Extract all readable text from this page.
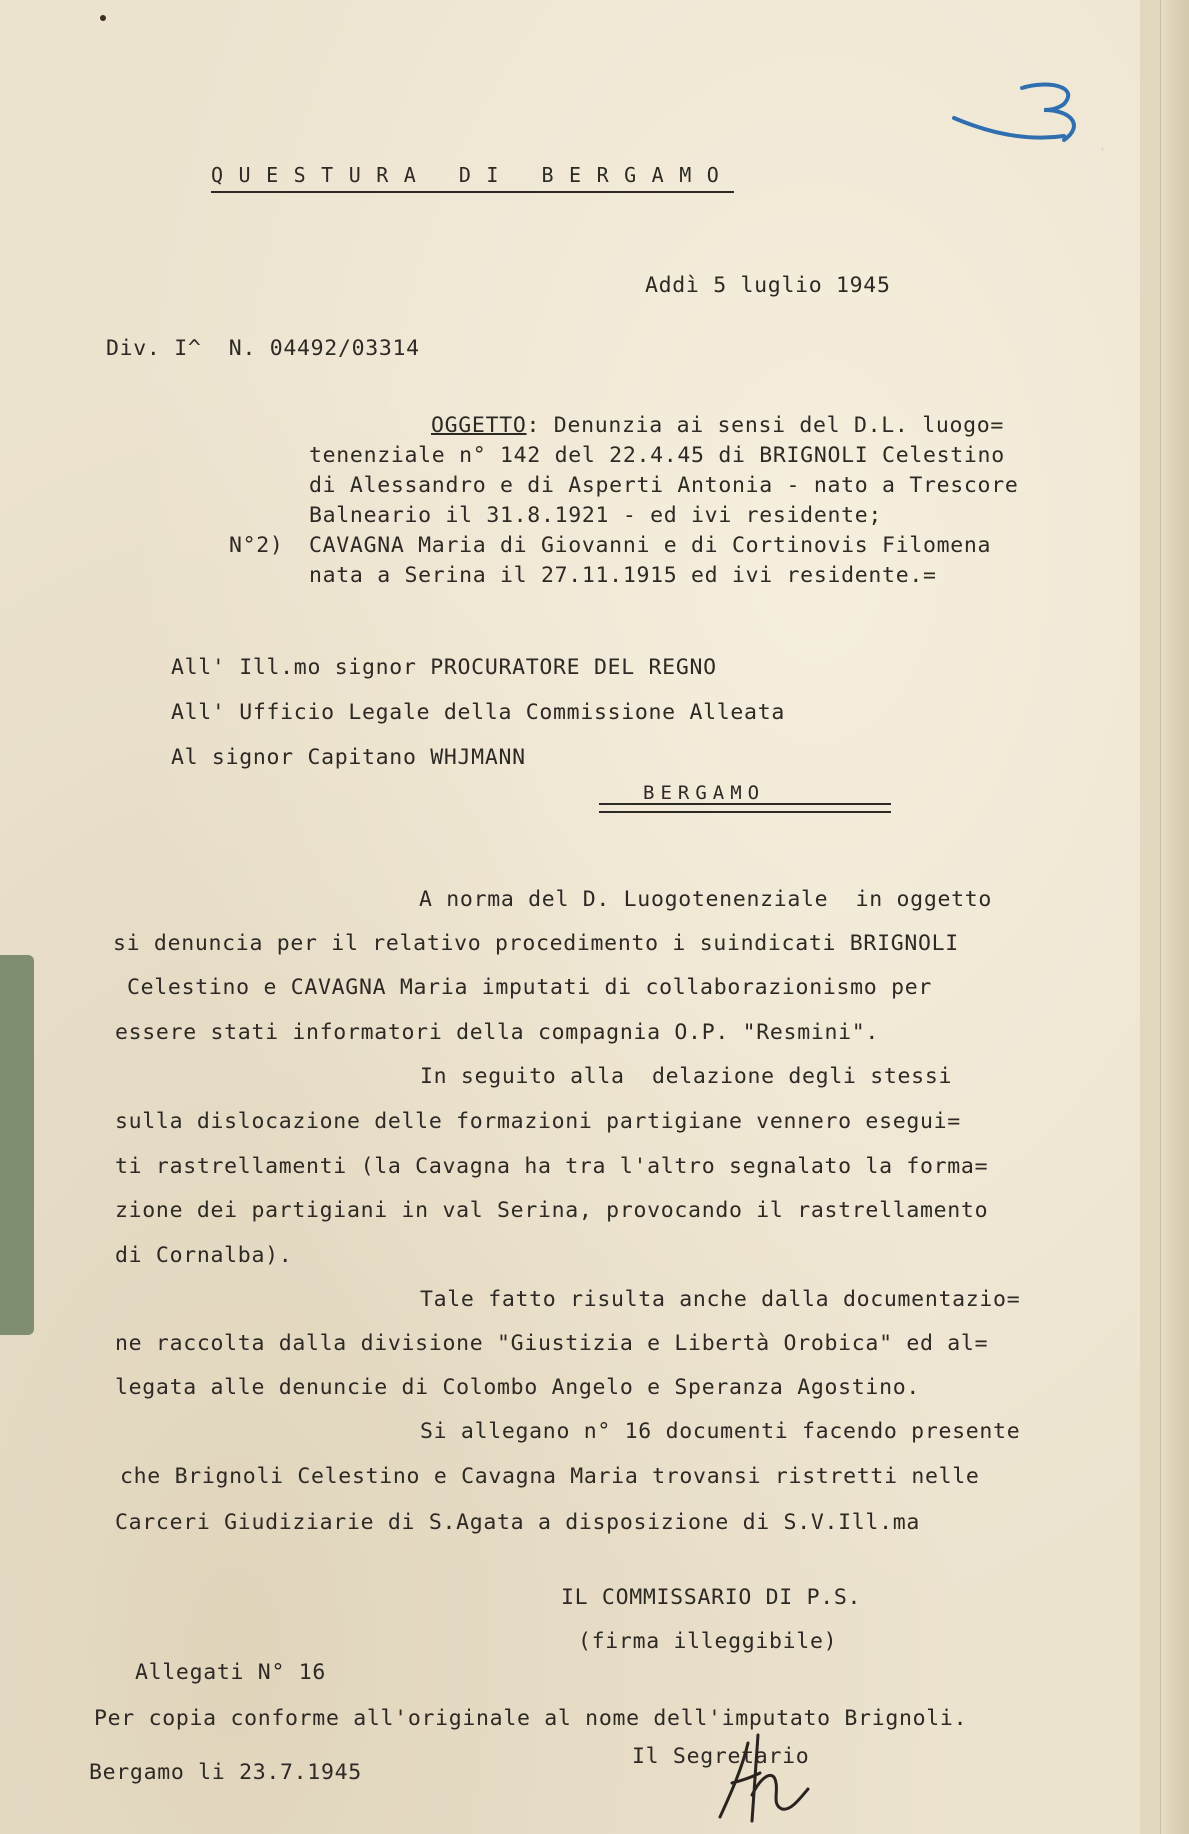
3
QUESTURA DI BERGAMO
Addì 5 luglio 1945
Div. I^  N. 04492/03314
OGGETTO: Denunzia ai sensi del D.L. luogo=
tenenziale n° 142 del 22.4.45 di BRIGNOLI Celestino
di Alessandro e di Asperti Antonia - nato a Trescore
Balneario il 31.8.1921 - ed ivi residente;
N°2) CAVAGNA Maria di Giovanni e di Cortinovis Filomena
nata a Serina il 27.11.1915 ed ivi residente.=
All' Ill.mo signor PROCURATORE DEL REGNO
All' Ufficio Legale della Commissione Alleata
Al signor Capitano WHJMANN
BERGAMO
A norma del D. Luogotenenziale  in oggetto
si denuncia per il relativo procedimento i suindicati BRIGNOLI
Celestino e CAVAGNA Maria imputati di collaborazionismo per
essere stati informatori della compagnia O.P. "Resmini".
In seguito alla  delazione degli stessi
sulla dislocazione delle formazioni partigiane vennero esegui=
ti rastrellamenti (la Cavagna ha tra l'altro segnalato la forma=
zione dei partigiani in val Serina, provocando il rastrellamento
di Cornalba).
Tale fatto risulta anche dalla documentazio=
ne raccolta dalla divisione "Giustizia e Libertà Orobica" ed al=
legata alle denuncie di Colombo Angelo e Speranza Agostino.
Si allegano n° 16 documenti facendo presente
che Brignoli Celestino e Cavagna Maria trovansi ristretti nelle
Carceri Giudiziarie di S.Agata a disposizione di S.V.Ill.ma
IL COMMISSARIO DI P.S.
(firma illeggibile)
Allegati N° 16
Per copia conforme all'originale al nome dell'imputato Brignoli.
Il Segretario
Bergamo li 23.7.1945
